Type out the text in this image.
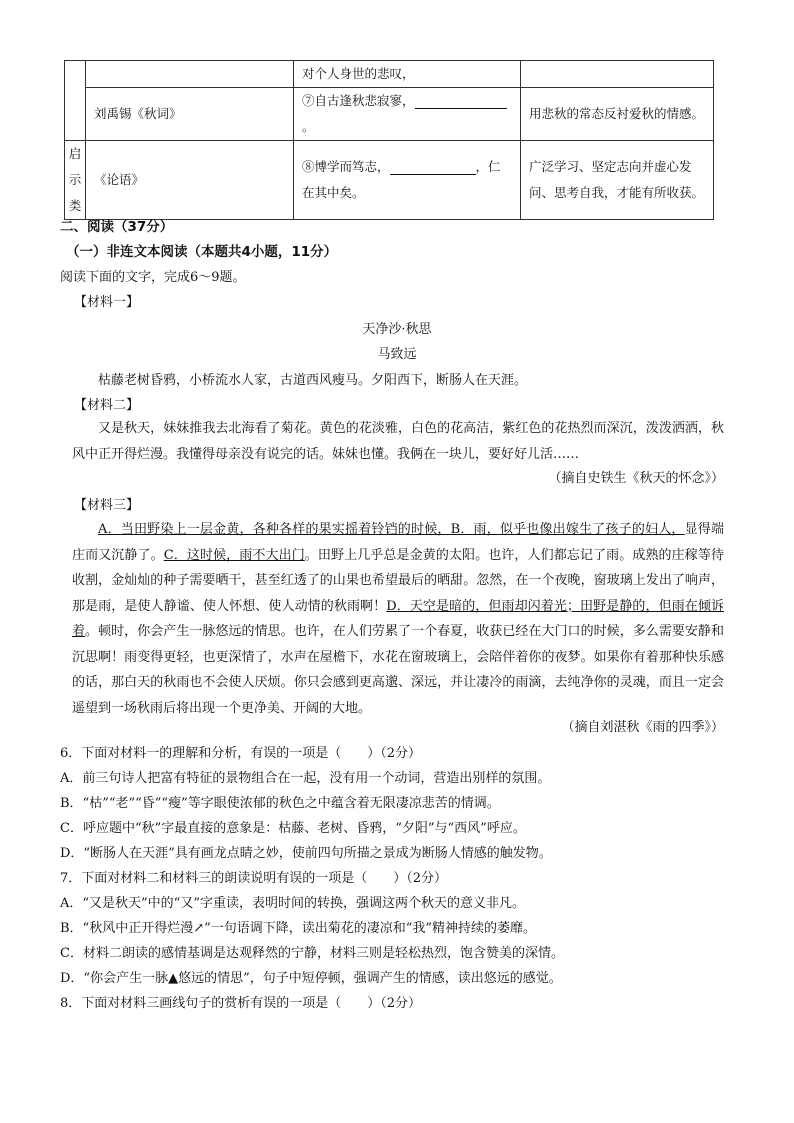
		对个人身世的悲叹，	
	刘禹锡《秋词》	⑦自古逢秋悲寂寥，。	用悲秋的常态反衬爱秋的情感。
启示类	《论语》	⑧博学而笃志， ，仁在其中矣。	广泛学习、坚定志向并虚心发问、思考自我，才能有所收获。
二、阅读（37分）
（一）非连文本阅读（本题共4小题，11分）
阅读下面的文字，完成6～9题。
【材料一】
天净沙·秋思
马致远
枯藤老树昏鸦，小桥流水人家，古道西风瘦马。夕阳西下，断肠人在天涯。
【材料二】

又是秋天，妹妹推我去北海看了菊花。黄色的花淡雅，白色的花高洁，紫红色的花热烈而深沉，泼泼洒洒，秋风中正开得烂漫。我懂得母亲没有说完的话。妹妹也懂。我俩在一块儿，要好好儿活……

（摘自史铁生《秋天的怀念》）
【材料三】

A．当田野染上一层金黄，各种各样的果实摇着铃铛的时候，B．雨，似乎也像出嫁生了孩子的妇人，显得端庄而又沉静了。C．这时候，雨不大出门。田野上几乎总是金黄的太阳。也许，人们都忘记了雨。成熟的庄稼等待收割，金灿灿的种子需要晒干，甚至红透了的山果也希望最后的晒甜。忽然，在一个夜晚，窗玻璃上发出了响声，那是雨，是使人静谧、使人怀想、使人动情的秋雨啊！D．天空是暗的，但雨却闪着光；田野是静的，但雨在倾诉着。顿时，你会产生一脉悠远的情思。也许，在人们劳累了一个春夏，收获已经在大门口的时候，多么需要安静和沉思啊！雨变得更轻，也更深情了，水声在屋檐下，水花在窗玻璃上，会陪伴着你的夜梦。如果你有着那种快乐感的话，那白天的秋雨也不会使人厌烦。你只会感到更高邈、深远，并让凄冷的雨滴，去纯净你的灵魂，而且一定会遥望到一场秋雨后将出现一个更净美、开阔的大地。

（摘自刘湛秋《雨的四季》）
6．下面对材料一的理解和分析，有误的一项是（　　）（2分）
A．前三句诗人把富有特征的景物组合在一起，没有用一个动词，营造出别样的氛围。
B．“枯”“老”“昏”“瘦”等字眼使浓郁的秋色之中蕴含着无限凄凉悲苦的情调。
C．呼应题中“秋”字最直接的意象是：枯藤、老树、昏鸦，“夕阳”与“西风”呼应。
D．“断肠人在天涯”具有画龙点睛之妙，使前四句所描之景成为断肠人情感的触发物。
7．下面对材料二和材料三的朗读说明有误的一项是（　　）（2分）
A．“又是秋天”中的“又”字重读，表明时间的转换，强调这两个秋天的意义非凡。
B．“秋风中正开得烂漫↗”一句语调下降，读出菊花的凄凉和“我”精神持续的萎靡。
C．材料二朗读的感情基调是达观释然的宁静，材料三则是轻松热烈，饱含赞美的深情。
D．“你会产生一脉▲悠远的情思”，句子中短停顿，强调产生的情感，读出悠远的感觉。
8．下面对材料三画线句子的赏析有误的一项是（　　）（2分）
